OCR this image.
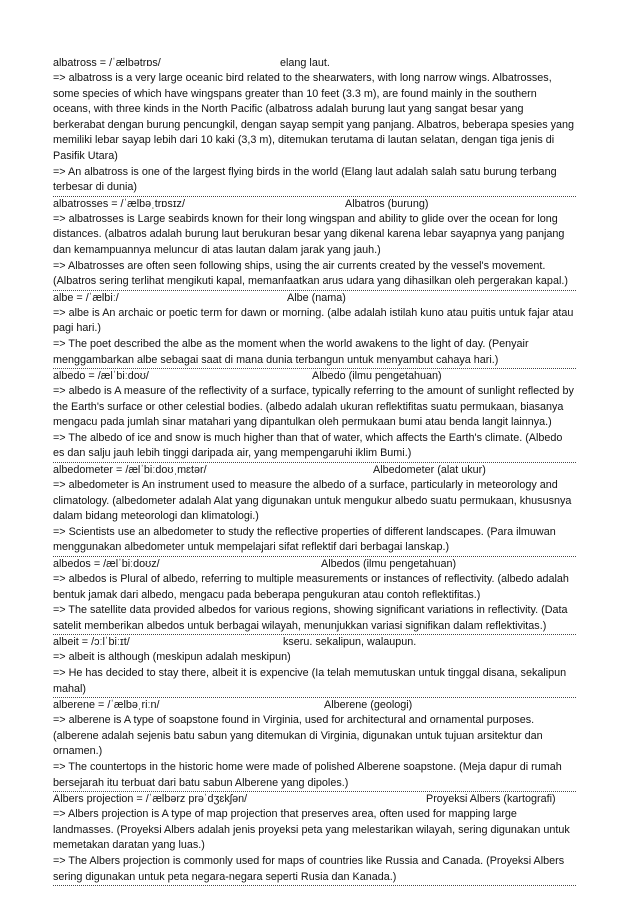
albatross = /ˈælbətrɒs/	elang laut.

=> albatross is a very large oceanic bird related to the shearwaters, with long narrow wings. Albatrosses, some species of which have wingspans greater than 10 feet (3.3 m), are found mainly in the southern oceans, with three kinds in the North Pacific (albatross adalah burung laut yang sangat besar yang berkerabat dengan burung pencungkil, dengan sayap sempit yang panjang. Albatros, beberapa spesies yang memiliki lebar sayap lebih dari 10 kaki (3,3 m), ditemukan terutama di lautan selatan, dengan tiga jenis di Pasifik Utara)

=> An albatross is one of the largest flying birds in the world (Elang laut adalah salah satu burung terbang terbesar di dunia)

albatrosses = /ˈælbəˌtrɒsɪz/	Albatros (burung)

=> albatrosses is Large seabirds known for their long wingspan and ability to glide over the ocean for long distances. (albatros adalah burung laut berukuran besar yang dikenal karena lebar sayapnya yang panjang dan kemampuannya meluncur di atas lautan dalam jarak yang jauh.)

=> Albatrosses are often seen following ships, using the air currents created by the vessel's movement. (Albatros sering terlihat mengikuti kapal, memanfaatkan arus udara yang dihasilkan oleh pergerakan kapal.)

albe = /ˈælbiː/	Albe (nama)

=> albe is An archaic or poetic term for dawn or morning. (albe adalah istilah kuno atau puitis untuk fajar atau pagi hari.)

=> The poet described the albe as the moment when the world awakens to the light of day. (Penyair menggambarkan albe sebagai saat di mana dunia terbangun untuk menyambut cahaya hari.)

albedo = /ælˈbiːdoʊ/	Albedo (ilmu pengetahuan)

=> albedo is A measure of the reflectivity of a surface, typically referring to the amount of sunlight reflected by the Earth's surface or other celestial bodies. (albedo adalah ukuran reflektifitas suatu permukaan, biasanya mengacu pada jumlah sinar matahari yang dipantulkan oleh permukaan bumi atau benda langit lainnya.)

=> The albedo of ice and snow is much higher than that of water, which affects the Earth's climate. (Albedo es dan salju jauh lebih tinggi daripada air, yang mempengaruhi iklim Bumi.)

albedometer = /ælˈbiːdoʊˌmɛtər/	Albedometer (alat ukur)

=> albedometer is An instrument used to measure the albedo of a surface, particularly in meteorology and climatology. (albedometer adalah Alat yang digunakan untuk mengukur albedo suatu permukaan, khususnya dalam bidang meteorologi dan klimatologi.)

=> Scientists use an albedometer to study the reflective properties of different landscapes. (Para ilmuwan menggunakan albedometer untuk mempelajari sifat reflektif dari berbagai lanskap.)

albedos = /ælˈbiːdoʊz/	Albedos (ilmu pengetahuan)

=> albedos is Plural of albedo, referring to multiple measurements or instances of reflectivity. (albedo adalah bentuk jamak dari albedo, mengacu pada beberapa pengukuran atau contoh reflektifitas.)

=> The satellite data provided albedos for various regions, showing significant variations in reflectivity. (Data satelit memberikan albedos untuk berbagai wilayah, menunjukkan variasi signifikan dalam reflektivitas.)

albeit = /ɔːlˈbiːɪt/	kseru. sekalipun, walaupun.

=> albeit is although (meskipun adalah meskipun)

=> He has decided to stay there, albeit it is expencive (Ia telah memutuskan untuk tinggal disana, sekalipun mahal)

alberene = /ˈælbəˌriːn/	Alberene (geologi)

=> alberene is A type of soapstone found in Virginia, used for architectural and ornamental purposes. (alberene adalah sejenis batu sabun yang ditemukan di Virginia, digunakan untuk tujuan arsitektur dan ornamen.)

=> The countertops in the historic home were made of polished Alberene soapstone. (Meja dapur di rumah bersejarah itu terbuat dari batu sabun Alberene yang dipoles.)

Albers projection = /ˈælbərz prəˈdʒɛkʃən/	Proyeksi Albers (kartografi)

=> Albers projection is A type of map projection that preserves area, often used for mapping large landmasses. (Proyeksi Albers adalah jenis proyeksi peta yang melestarikan wilayah, sering digunakan untuk memetakan daratan yang luas.)

=> The Albers projection is commonly used for maps of countries like Russia and Canada. (Proyeksi Albers sering digunakan untuk peta negara-negara seperti Rusia dan Kanada.)
